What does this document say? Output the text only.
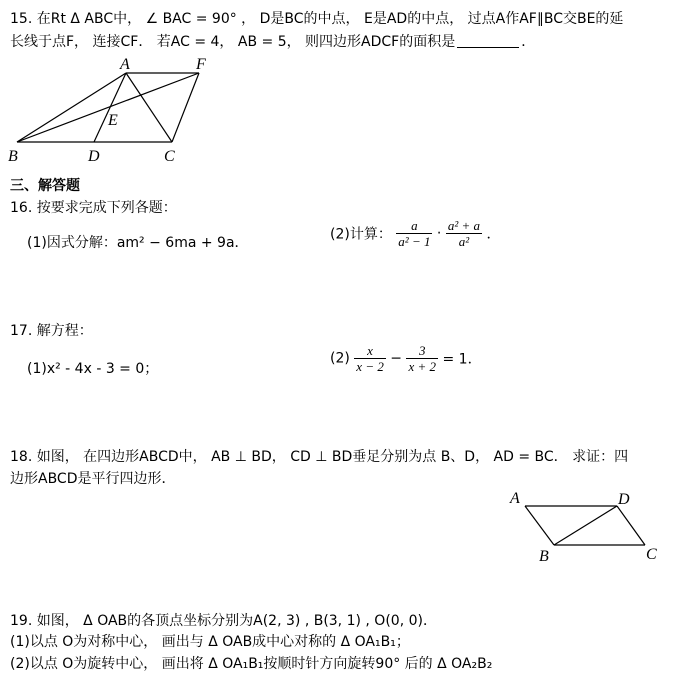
15. 在Rt Δ ABC中， ∠ BAC = 90° ， D是BC的中点， E是AD的中点， 过点A作AF∥BC交BE的延
长线于点F， 连接CF． 若AC = 4， AB = 5， 则四边形ADCF的面积是	．
A	F
E
B	D	C
三、解答题
16. 按要求完成下列各题：
(1)因式分解：am² − 6ma + 9a．
(2)计算： $\frac{a}{\text{a² − 1}} \cdot \frac{\text{a² + a}}{\text{a²}}$ ．
17. 解方程：
(1)x² - 4x - 3 = 0；
$(2) \frac{x}{x - 2} - \frac{3}{x + 2} = 1$．
18. 如图， 在四边形ABCD中， AB ⊥ BD， CD ⊥ BD垂足分别为点 B、D， AD = BC． 求证：四
边形ABCD是平行四边形．
A	D
B	C
19. 如图， Δ OAB的各顶点坐标分别为A(2, 3) , B(3, 1) , O(0, 0)．
(1)以点 O为对称中心， 画出与 Δ OAB成中心对称的 Δ OA₁B₁；
(2)以点 O为旋转中心， 画出将 Δ OA₁B₁按顺时针方向旋转90° 后的 Δ OA₂B₂
